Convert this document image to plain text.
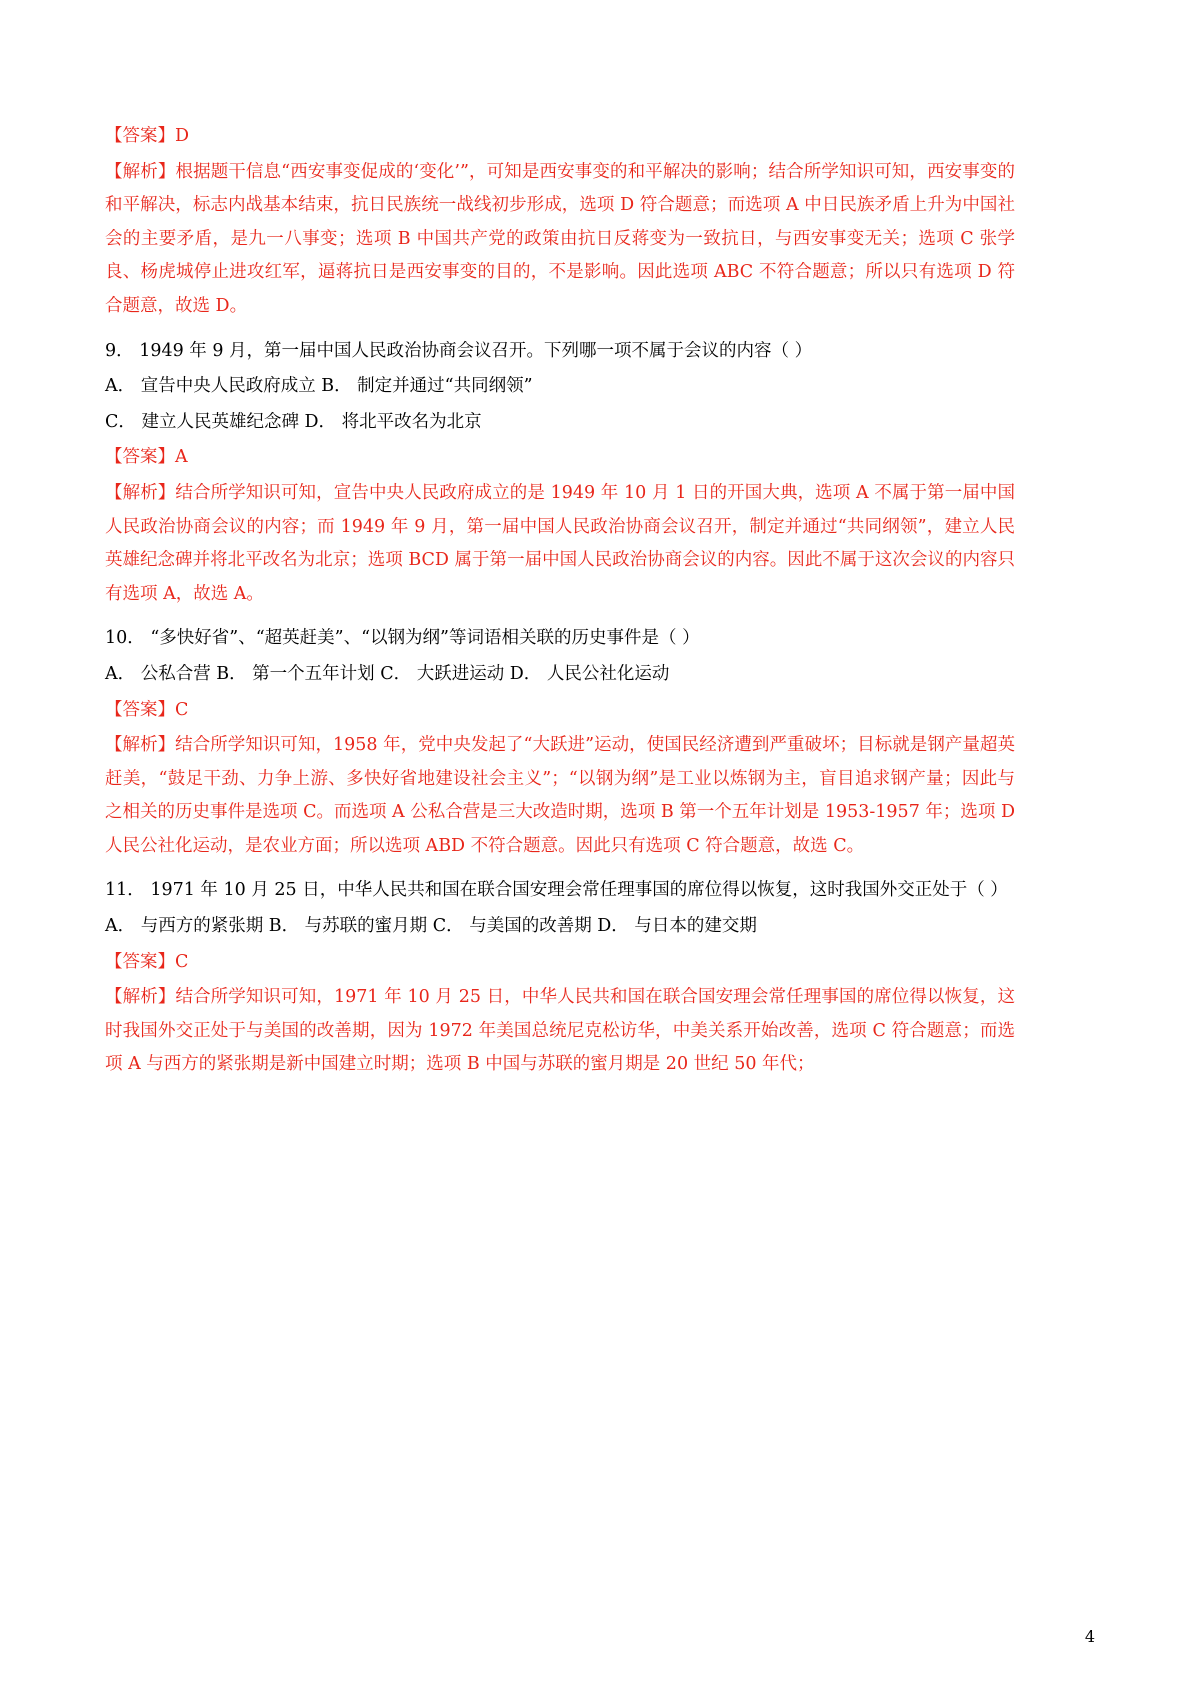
【答案】D

【解析】根据题干信息“西安事变促成的‘变化’”，可知是西安事变的和平解决的影响；结合所学知识可知，西安事变的和平解决，标志内战基本结束，抗日民族统一战线初步形成，选项 D 符合题意；而选项 A 中日民族矛盾上升为中国社会的主要矛盾，是九一八事变；选项 B 中国共产党的政策由抗日反蒋变为一致抗日，与西安事变无关；选项 C 张学良、杨虎城停止进攻红军，逼蒋抗日是西安事变的目的，不是影响。因此选项 ABC 不符合题意；所以只有选项 D 符合题意，故选 D。

9． 1949 年 9 月，第一届中国人民政治协商会议召开。下列哪一项不属于会议的内容（ ）

A． 宣告中央人民政府成立 B． 制定并通过“共同纲领”

C． 建立人民英雄纪念碑 D． 将北平改名为北京

【答案】A

【解析】结合所学知识可知，宣告中央人民政府成立的是 1949 年 10 月 1 日的开国大典，选项 A 不属于第一届中国人民政治协商会议的内容；而 1949 年 9 月，第一届中国人民政治协商会议召开，制定并通过“共同纲领”，建立人民英雄纪念碑并将北平改名为北京；选项 BCD 属于第一届中国人民政治协商会议的内容。因此不属于这次会议的内容只有选项 A，故选 A。

10． “多快好省”、“超英赶美”、“以钢为纲”等词语相关联的历史事件是（ ）

A． 公私合营 B． 第一个五年计划 C． 大跃进运动 D． 人民公社化运动

【答案】C

【解析】结合所学知识可知，1958 年，党中央发起了“大跃进”运动，使国民经济遭到严重破坏；目标就是钢产量超英赶美，“鼓足干劲、力争上游、多快好省地建设社会主义”；“以钢为纲”是工业以炼钢为主，盲目追求钢产量；因此与之相关的历史事件是选项 C。而选项 A 公私合营是三大改造时期，选项 B 第一个五年计划是 1953-1957 年；选项 D 人民公社化运动，是农业方面；所以选项 ABD 不符合题意。因此只有选项 C 符合题意，故选 C。

11． 1971 年 10 月 25 日，中华人民共和国在联合国安理会常任理事国的席位得以恢复，这时我国外交正处于（ ）

A． 与西方的紧张期 B． 与苏联的蜜月期 C． 与美国的改善期 D． 与日本的建交期

【答案】C

【解析】结合所学知识可知，1971 年 10 月 25 日，中华人民共和国在联合国安理会常任理事国的席位得以恢复，这时我国外交正处于与美国的改善期，因为 1972 年美国总统尼克松访华，中美关系开始改善，选项 C 符合题意；而选项 A 与西方的紧张期是新中国建立时期；选项 B 中国与苏联的蜜月期是 20 世纪 50 年代；

4
